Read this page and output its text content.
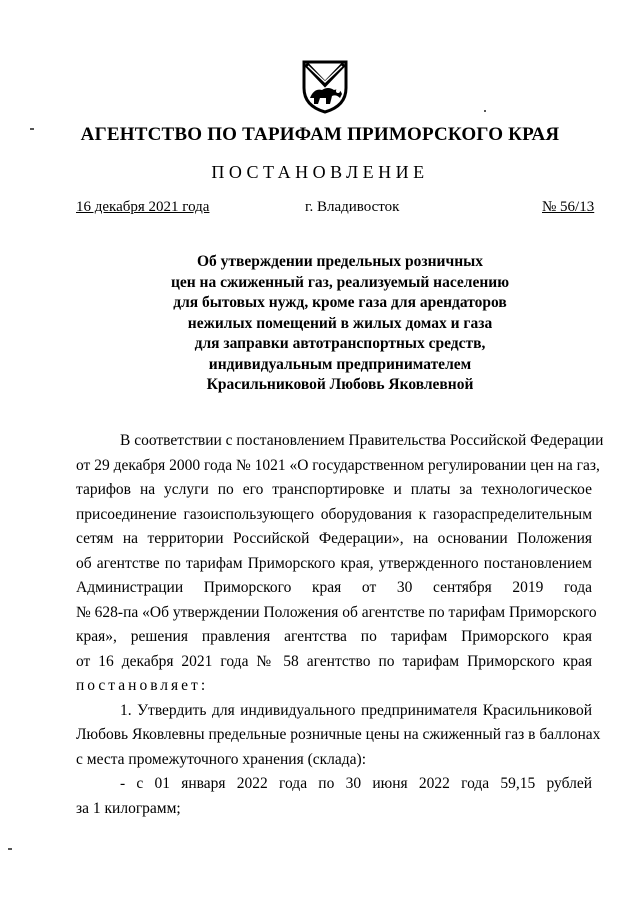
АГЕНТСТВО ПО ТАРИФАМ ПРИМОРСКОГО КРАЯ
ПОСТАНОВЛЕНИЕ
16 декабря 2021 года	г. Владивосток	№ 56/13
Об утверждении предельных розничных
цен на сжиженный газ, реализуемый населению
для бытовых нужд, кроме газа для арендаторов
нежилых помещений в жилых домах и газа
для заправки автотранспортных средств,
индивидуальным предпринимателем
Красильниковой Любовь Яковлевной
В соответствии с постановлением Правительства Российской Федерации
от 29 декабря 2000 года № 1021 «О государственном регулировании цен на газ,
тарифов на услуги по его транспортировке и платы за технологическое
присоединение газоиспользующего оборудования к газораспределительным
сетям на территории Российской Федерации», на основании Положения
об агентстве по тарифам Приморского края, утвержденного постановлением
Администрации Приморского края от 30 сентября 2019 года
№ 628-па «Об утверждении Положения об агентстве по тарифам Приморского
края», решения правления агентства по тарифам Приморского края
от 16 декабря 2021 года № 58 агентство по тарифам Приморского края
постановляет:
1. Утвердить для индивидуального предпринимателя Красильниковой
Любовь Яковлевны предельные розничные цены на сжиженный газ в баллонах
с места промежуточного хранения (склада):
- с 01 января 2022 года по 30 июня 2022 года 59,15 рублей
за 1 килограмм;
